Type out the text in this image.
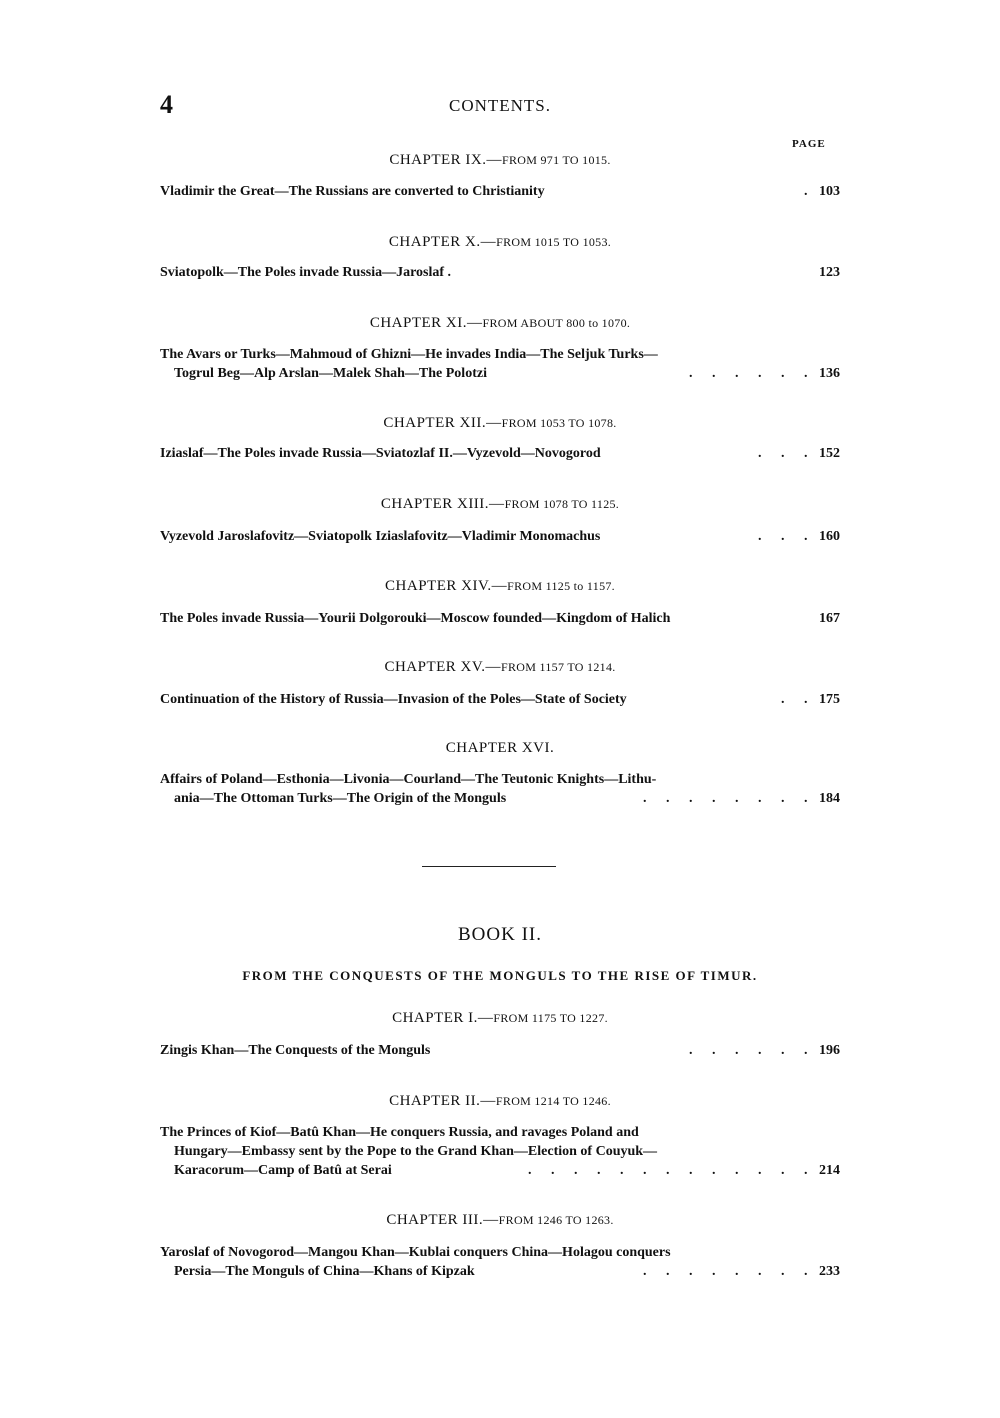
4	CONTENTS.
PAGE
CHAPTER IX.—FROM 971 TO 1015.
Vladimir the Great—The Russians are converted to Christianity	. 103
CHAPTER X.—FROM 1015 TO 1053.
Sviatopolk—The Poles invade Russia—Jaroslaf .	123
CHAPTER XI.—FROM ABOUT 800 to 1070.
The Avars or Turks—Mahmoud of Ghizni—He invades India—The Seljuk Turks—
Togrul Beg—Alp Arslan—Malek Shah—The Polotzi	. . . . . . 136
CHAPTER XII.—FROM 1053 TO 1078.
Iziaslaf—The Poles invade Russia—Sviatozlaf II.—Vyzevold—Novogorod	. . . 152
CHAPTER XIII.—FROM 1078 TO 1125.
Vyzevold Jaroslafovitz—Sviatopolk Iziaslafovitz—Vladimir Monomachus	. . . 160
CHAPTER XIV.—FROM 1125 to 1157.
The Poles invade Russia—Yourii Dolgorouki—Moscow founded—Kingdom of Halich	167
CHAPTER XV.—FROM 1157 TO 1214.
Continuation of the History of Russia—Invasion of the Poles—State of Society	. . 175
CHAPTER XVI.
Affairs of Poland—Esthonia—Livonia—Courland—The Teutonic Knights—Lithu-
ania—The Ottoman Turks—The Origin of the Monguls	. . . . . . . . 184
BOOK II.
FROM THE CONQUESTS OF THE MONGULS TO THE RISE OF TIMUR.
CHAPTER I.—FROM 1175 TO 1227.
Zingis Khan—The Conquests of the Monguls	. . . . . . 196
CHAPTER II.—FROM 1214 TO 1246.
The Princes of Kiof—Batû Khan—He conquers Russia, and ravages Poland and
Hungary—Embassy sent by the Pope to the Grand Khan—Election of Couyuk—
Karacorum—Camp of Batû at Serai	. . . . . . . . . . . . . 214
CHAPTER III.—FROM 1246 TO 1263.
Yaroslaf of Novogorod—Mangou Khan—Kublai conquers China—Holagou conquers
Persia—The Monguls of China—Khans of Kipzak	. . . . . . . . 233
